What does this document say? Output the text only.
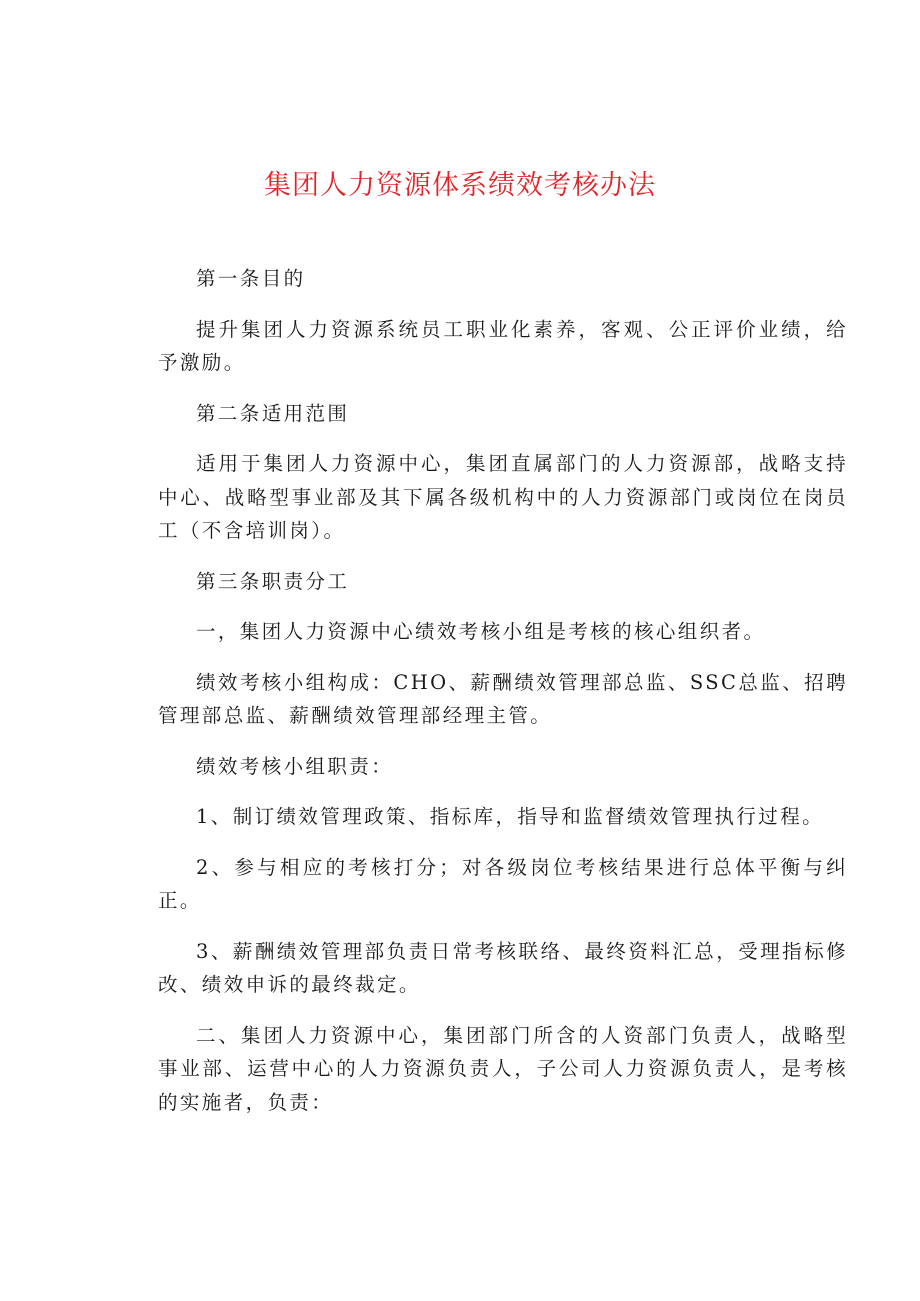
集团人力资源体系绩效考核办法

第一条目的

提升集团人力资源系统员工职业化素养，客观、公正评价业绩，给予激励。

第二条适用范围

适用于集团人力资源中心，集团直属部门的人力资源部，战略支持中心、战略型事业部及其下属各级机构中的人力资源部门或岗位在岗员工（不含培训岗）。

第三条职责分工

一，集团人力资源中心绩效考核小组是考核的核心组织者。

绩效考核小组构成：CHO、薪酬绩效管理部总监、SSC总监、招聘管理部总监、薪酬绩效管理部经理主管。

绩效考核小组职责：

1、制订绩效管理政策、指标库，指导和监督绩效管理执行过程。

2、参与相应的考核打分；对各级岗位考核结果进行总体平衡与纠正。

3、薪酬绩效管理部负责日常考核联络、最终资料汇总，受理指标修改、绩效申诉的最终裁定。

二、集团人力资源中心，集团部门所含的人资部门负责人，战略型事业部、运营中心的人力资源负责人，子公司人力资源负责人，是考核的实施者，负责：
